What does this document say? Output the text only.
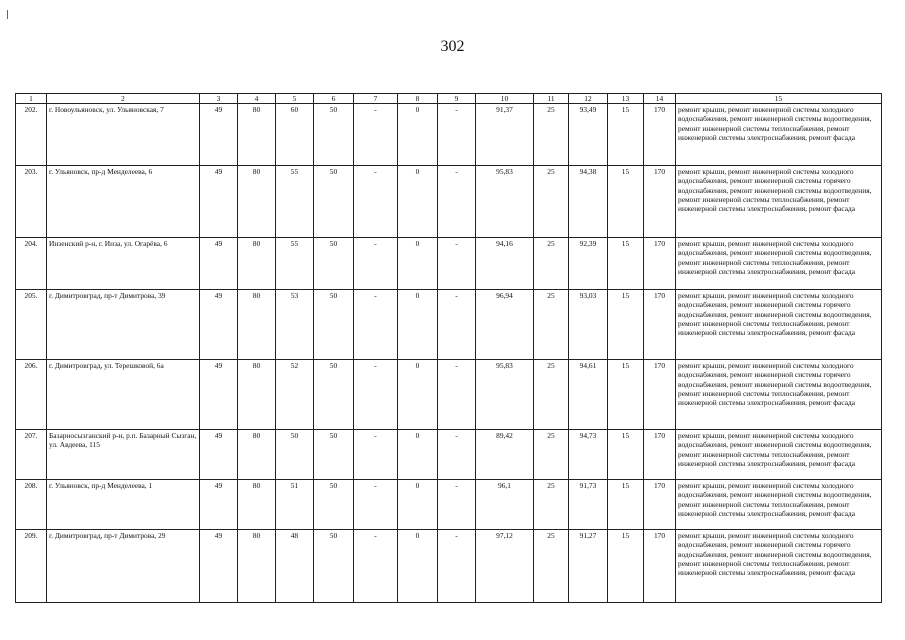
302
1	2	3	4	5	6	7	8	9	10	11	12	13	14	15
202.	г. Новоульяновск, ул. Ульяновская, 7	49	80	60	50	-	0	-	91,37	25	93,49	15	170	ремонт крыши, ремонт инженерной системы холодного водоснабжения, ремонт инженерной системы водоотведения, ремонт инженерной системы теплоснабжения, ремонт инженерной системы электроснабжения, ремонт фасада
203.	г. Ульяновск, пр-д Менделеева, 6	49	80	55	50	-	0	-	95,83	25	94,38	15	170	ремонт крыши, ремонт инженерной системы холодного водоснабжения, ремонт инженерной системы горячего водоснабжения, ремонт инженерной системы водоотведения, ремонт инженерной системы теплоснабжения, ремонт инженерной системы электроснабжения, ремонт фасада
204.	Инзенский р-н, г. Инза, ул. Огарёва, 6	49	80	55	50	-	0	-	94,16	25	92,39	15	170	ремонт крыши, ремонт инженерной системы холодного водоснабжения, ремонт инженерной системы водоотведения, ремонт инженерной системы теплоснабжения, ремонт инженерной системы электроснабжения, ремонт фасада
205.	г. Димитровград, пр-т Димитрова, 39	49	80	53	50	-	0	-	96,94	25	93,03	15	170	ремонт крыши, ремонт инженерной системы холодного водоснабжения, ремонт инженерной системы горячего водоснабжения, ремонт инженерной системы водоотведения, ремонт инженерной системы теплоснабжения, ремонт инженерной системы электроснабжения, ремонт фасада
206.	г. Димитровград, ул. Терешковой, 6а	49	80	52	50	-	0	-	95,83	25	94,61	15	170	ремонт крыши, ремонт инженерной системы холодного водоснабжения, ремонт инженерной системы горячего водоснабжения, ремонт инженерной системы водоотведения, ремонт инженерной системы теплоснабжения, ремонт инженерной системы электроснабжения, ремонт фасада
207.	Базарносызганский р-н, р.п. Базарный Сызган, ул. Авдеева, 115	49	80	50	50	-	0	-	89,42	25	94,73	15	170	ремонт крыши, ремонт инженерной системы холодного водоснабжения, ремонт инженерной системы водоотведения, ремонт инженерной системы теплоснабжения, ремонт инженерной системы электроснабжения, ремонт фасада
208.	г. Ульяновск, пр-д Менделеева, 1	49	80	51	50	-	0	-	96,1	25	91,73	15	170	ремонт крыши, ремонт инженерной системы холодного водоснабжения, ремонт инженерной системы водоотведения, ремонт инженерной системы теплоснабжения, ремонт инженерной системы электроснабжения, ремонт фасада
209.	г. Димитровград, пр-т Димитрова, 29	49	80	48	50	-	0	-	97,12	25	91,27	15	170	ремонт крыши, ремонт инженерной системы холодного водоснабжения, ремонт инженерной системы горячего водоснабжения, ремонт инженерной системы водоотведения, ремонт инженерной системы теплоснабжения, ремонт инженерной системы электроснабжения, ремонт фасада
